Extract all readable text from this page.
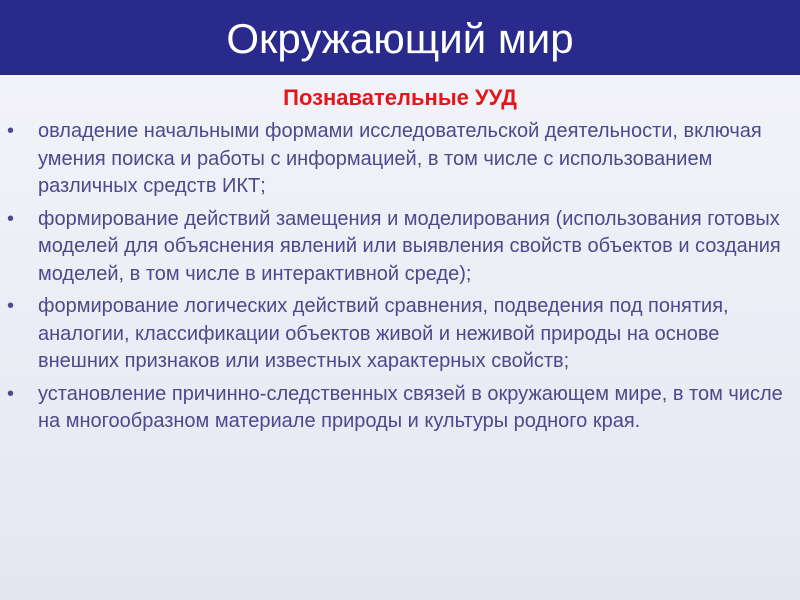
Окружающий мир
Познавательные УУД
• овладение начальными формами исследовательской деятельности, включая умения поиска и работы с информацией, в том числе с использованием различных средств ИКТ;
• формирование действий замещения и моделирования (использования готовых моделей для объяснения явлений или выявления свойств объектов и создания моделей, в том числе в интерактивной среде);
• формирование логических действий сравнения, подведения под понятия, аналогии, классификации объектов живой и неживой природы на основе внешних признаков или известных характерных свойств;
• установление причинно-следственных связей в окружающем мире, в том числе на многообразном материале природы и культуры родного края.
